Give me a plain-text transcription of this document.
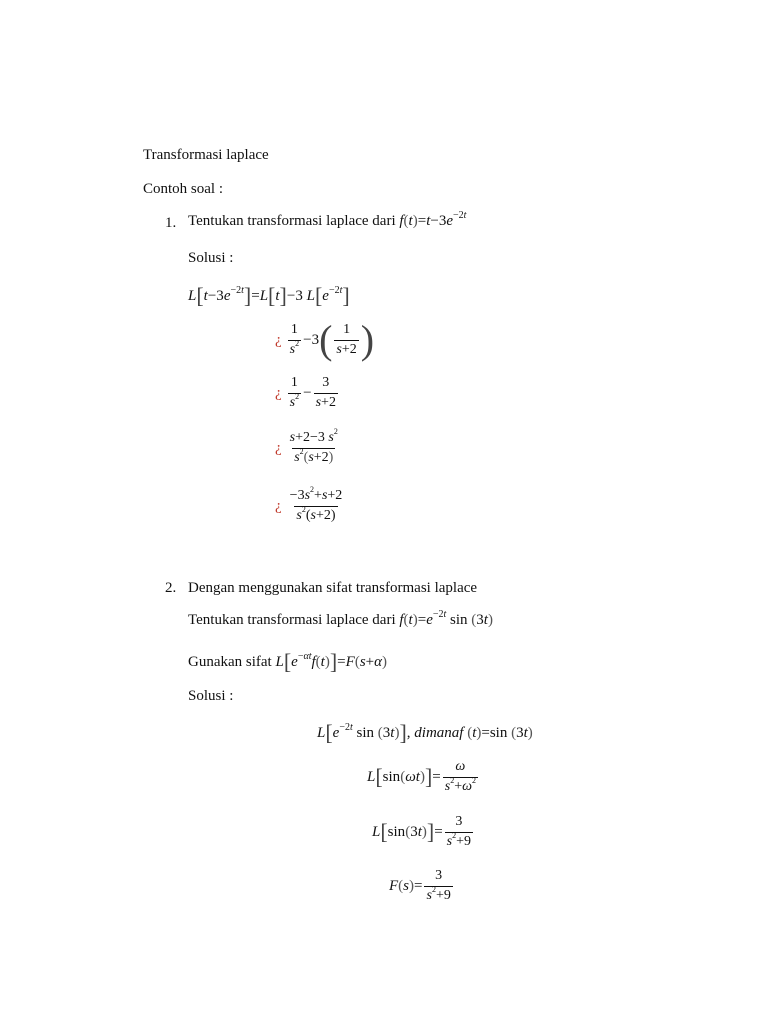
Transformasi laplace
Contoh soal :
1. Tentukan transformasi laplace dari $f(t)=t-3e^{-2t}$
Solusi :
$L[t-3e^{-2t}]=L[t]-3$ $L[e^{-2t}]$
¿ $\frac{1}{s^2} -3$ ( $\frac{1}{s+2}$ )
¿ $\frac{1}{s^2} - \frac{3}{s+2}$
¿ $\frac{s+2-3 s^2}{s^2(s+2)}$
¿ $\frac{-3s^2+s+2}{s^2(s+2)}$
2. Dengan menggunakan sifat transformasi laplace
Tentukan transformasi laplace dari $f(t)=e^{-2t}$ sin (3t)
Gunakan sifat $L[e^{-\alpha t}f(t)]=F(s+\alpha)$
Solusi :
$L[e^{-2t}$ sin (3t)], dimanaf (t)=sin (3t)
L [ sin ( ωt ) ] = $\frac{\omega}{s^2+\omega^2}$
L [ sin ( 3 t ) ] = $\frac{3}{s^2+9}$
F ( s ) = $\frac{3}{s^2+9}$
